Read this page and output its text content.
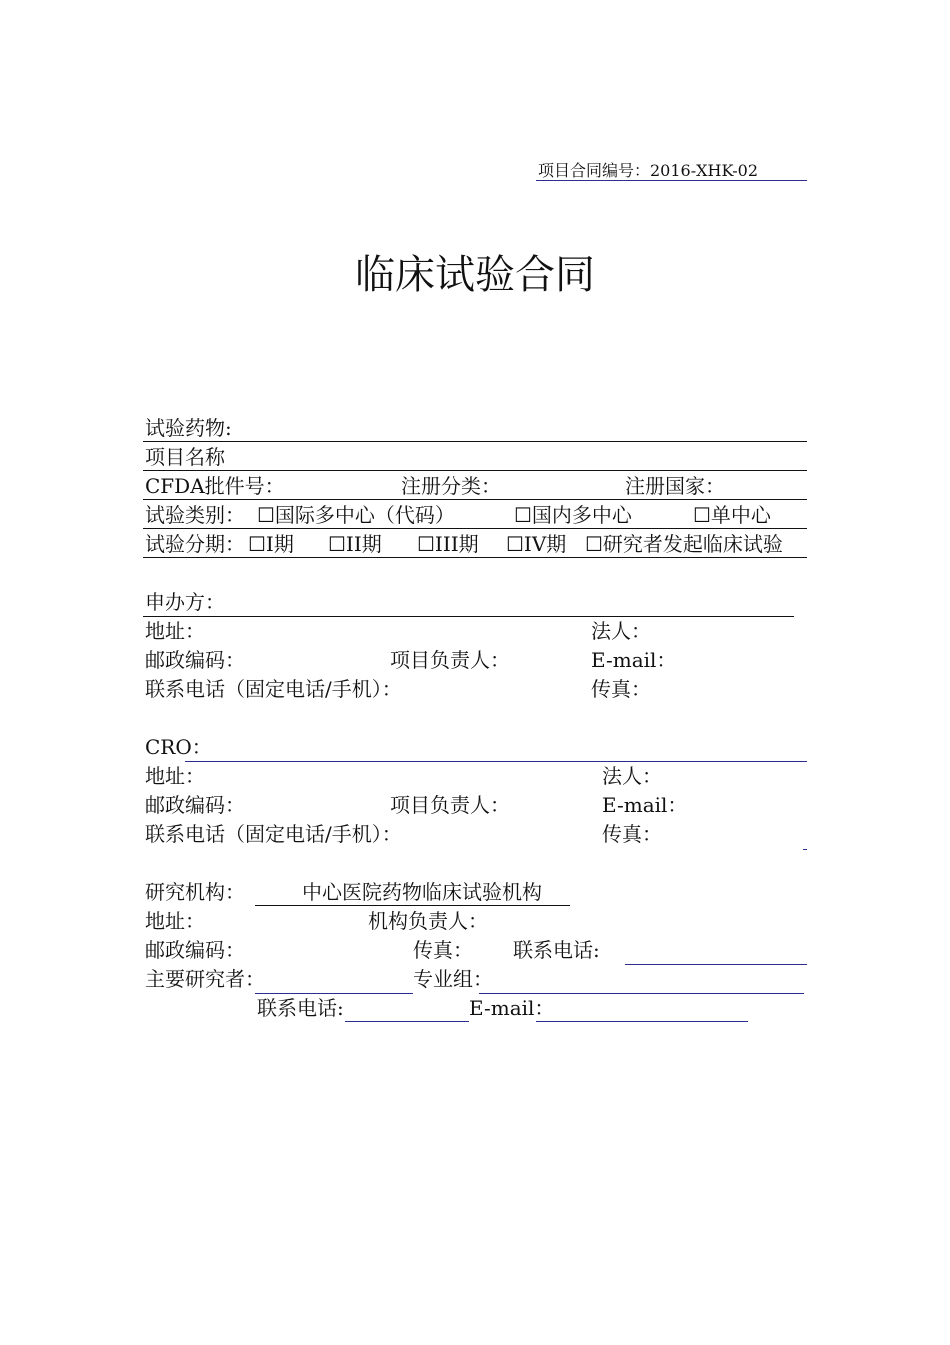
项目合同编号：2016-XHK-02
临床试验合同
试验药物:
项目名称
CFDA批件号：	注册分类：	注册国家：
试验类别： ☐国际多中心（代码）	☐国内多中心	☐单中心
试验分期： ☐I期 ☐II期 ☐III期 ☐IV期 ☐研究者发起临床试验
申办方：
地址：	法人：
邮政编码：	项目负责人：	E-mail：
联系电话（固定电话/手机）：	传真：
CRO：
地址：	法人：
邮政编码：	项目负责人：	E-mail：
联系电话（固定电话/手机）：	传真：
研究机构：	中心医院药物临床试验机构
地址：	机构负责人：
邮政编码：	传真： 联系电话:
主要研究者：	专业组：
联系电话:	E-mail：
